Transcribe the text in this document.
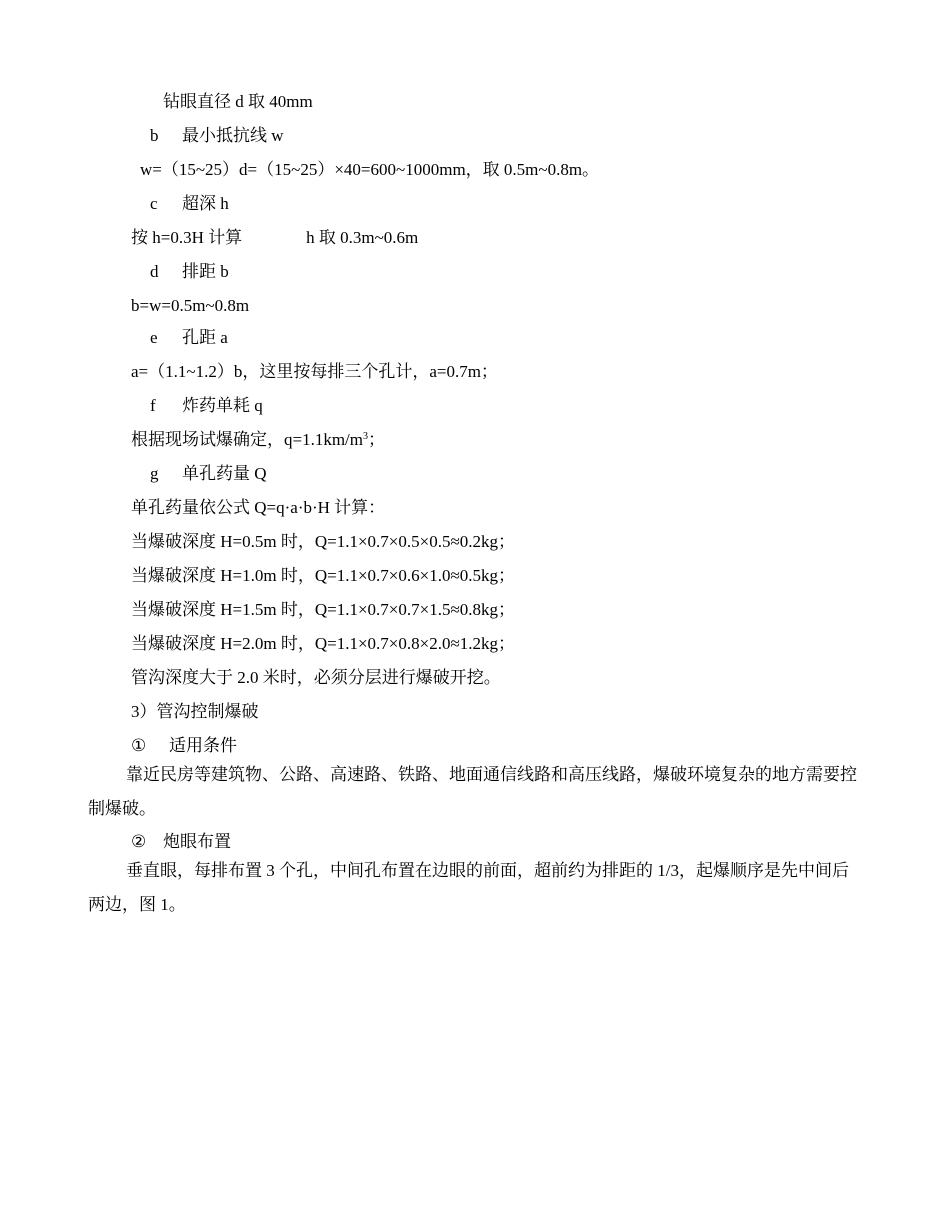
钻眼直径 d 取 40mm
b 最小抵抗线 w
w=（15~25）d=（15~25）×40=600~1000mm，取 0.5m~0.8m。
c 超深 h
按 h=0.3H 计算	h 取 0.3m~0.6m
d 排距 b
b=w=0.5m~0.8m
e 孔距 a
a=（1.1~1.2）b，这里按每排三个孔计，a=0.7m；
f 炸药单耗 q
根据现场试爆确定，$q=1.1km/m^3$；
g 单孔药量 Q
单孔药量依公式 Q=q·a·b·H 计算：
当爆破深度 H=0.5m 时，Q=1.1×0.7×0.5×0.5≈0.2kg；
当爆破深度 H=1.0m 时，Q=1.1×0.7×0.6×1.0≈0.5kg；
当爆破深度 H=1.5m 时，Q=1.1×0.7×0.7×1.5≈0.8kg；
当爆破深度 H=2.0m 时，Q=1.1×0.7×0.8×2.0≈1.2kg；
管沟深度大于 2.0 米时，必须分层进行爆破开挖。
3）管沟控制爆破
① 适用条件
靠近民房等建筑物、公路、高速路、铁路、地面通信线路和高压线路，爆破环境复杂的地方需要控制爆破。
② 炮眼布置
垂直眼，每排布置 3 个孔，中间孔布置在边眼的前面，超前约为排距的 1/3，起爆顺序是先中间后两边，图 1。
